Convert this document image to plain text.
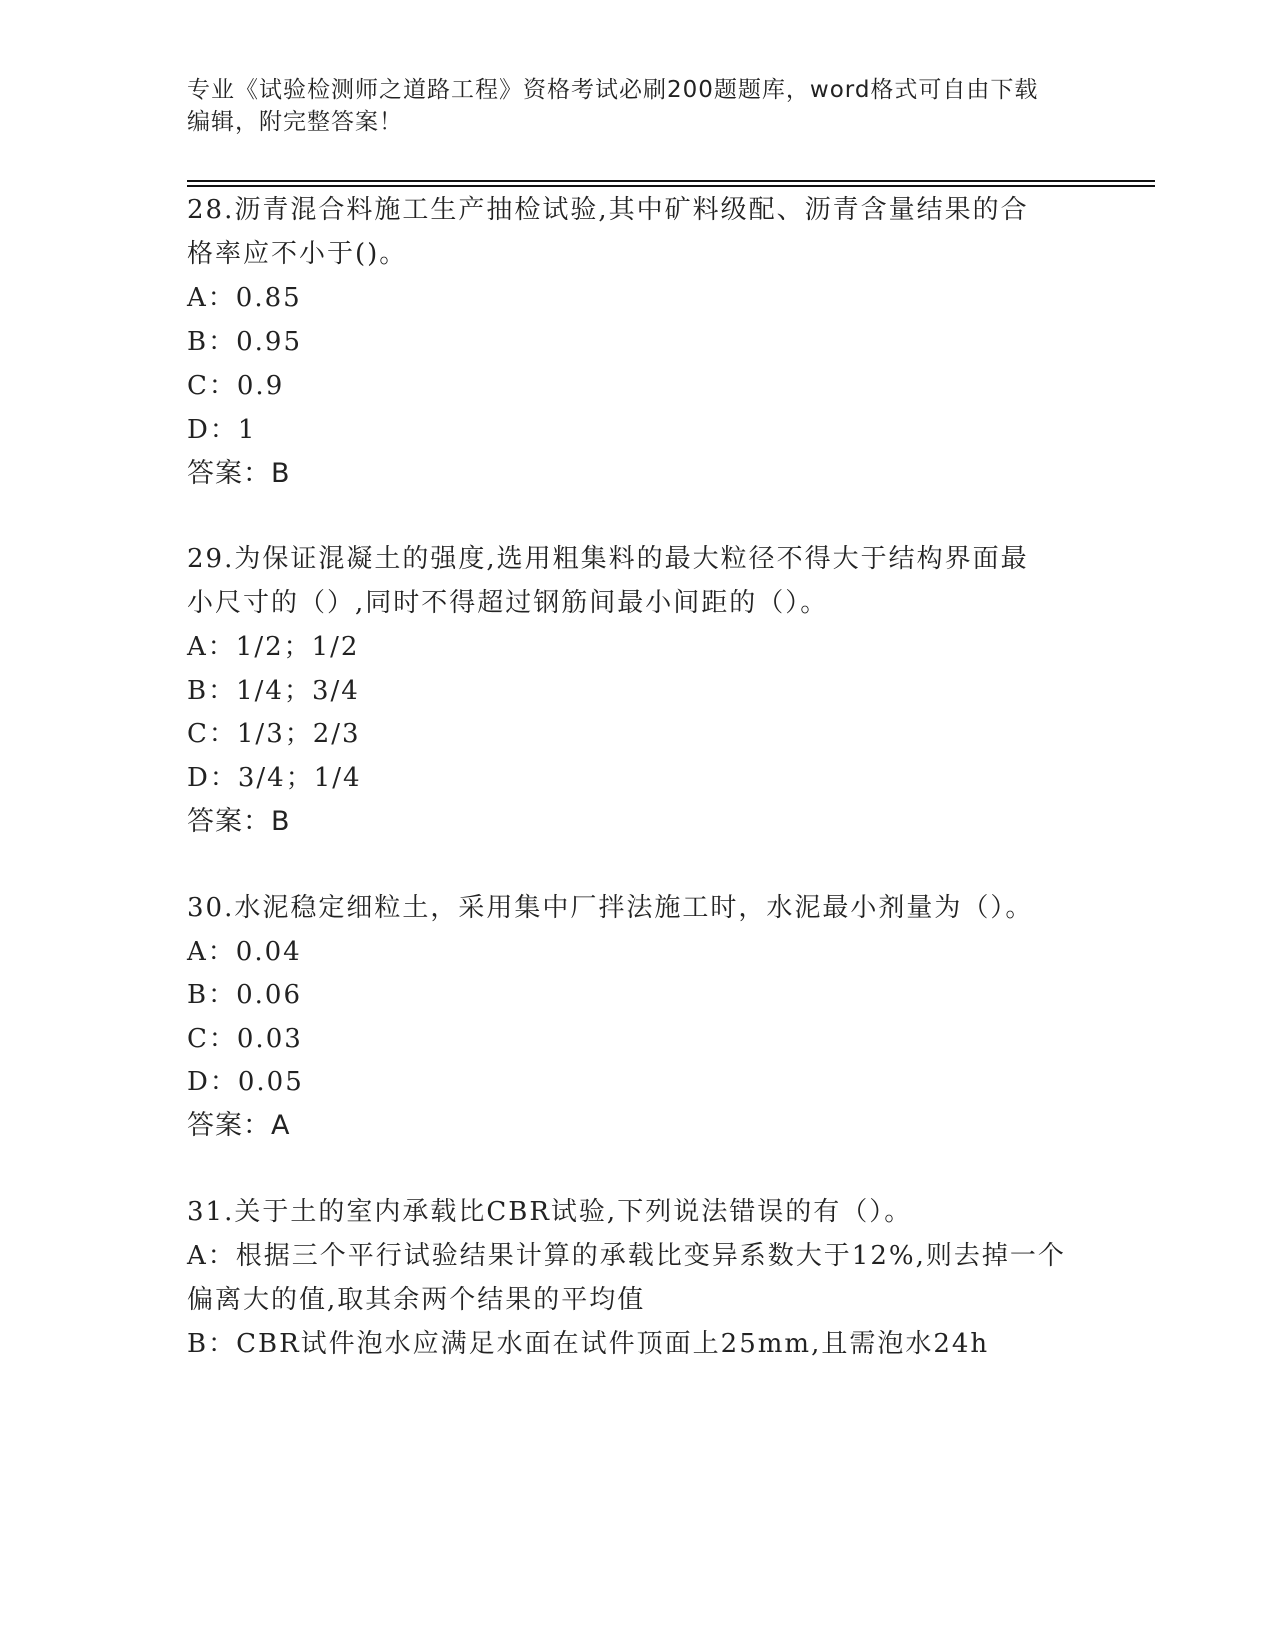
专业《试验检测师之道路工程》资格考试必刷200题题库，word格式可自由下载
编辑，附完整答案！
28.沥青混合料施工生产抽检试验,其中矿料级配、沥青含量结果的合
格率应不小于()。
A：0.85
B：0.95
C：0.9
D：1
答案：B
29.为保证混凝土的强度,选用粗集料的最大粒径不得大于结构界面最
小尺寸的（）,同时不得超过钢筋间最小间距的（）。
A：1/2；1/2
B：1/4；3/4
C：1/3；2/3
D：3/4；1/4
答案：B
30.水泥稳定细粒土，采用集中厂拌法施工时，水泥最小剂量为（）。
A：0.04
B：0.06
C：0.03
D：0.05
答案：A
31.关于土的室内承载比CBR试验,下列说法错误的有（）。
A：根据三个平行试验结果计算的承载比变异系数大于12%,则去掉一个
偏离大的值,取其余两个结果的平均值
B：CBR试件泡水应满足水面在试件顶面上25mm,且需泡水24h
